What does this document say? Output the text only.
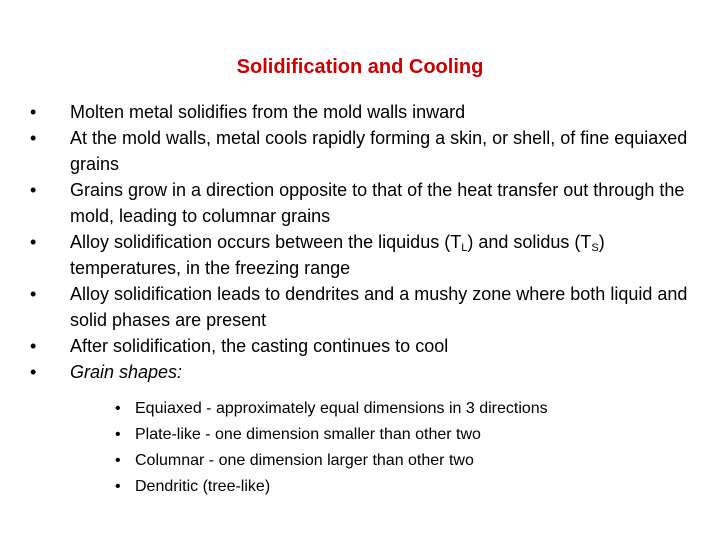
Solidification and Cooling
• Molten metal solidifies from the mold walls inward
• At the mold walls, metal cools rapidly forming a skin, or shell, of fine equiaxed grains
• Grains grow in a direction opposite to that of the heat transfer out through the mold, leading to columnar grains
• Alloy solidification occurs between the liquidus $(T_L)$ and solidus $(T_S)$ temperatures, in the freezing range
• Alloy solidification leads to dendrites and a mushy zone where both liquid and solid phases are present
• After solidification, the casting continues to cool
• Grain shapes:
• Equiaxed - approximately equal dimensions in 3 directions
• Plate-like - one dimension smaller than other two
• Columnar - one dimension larger than other two
• Dendritic (tree-like)
